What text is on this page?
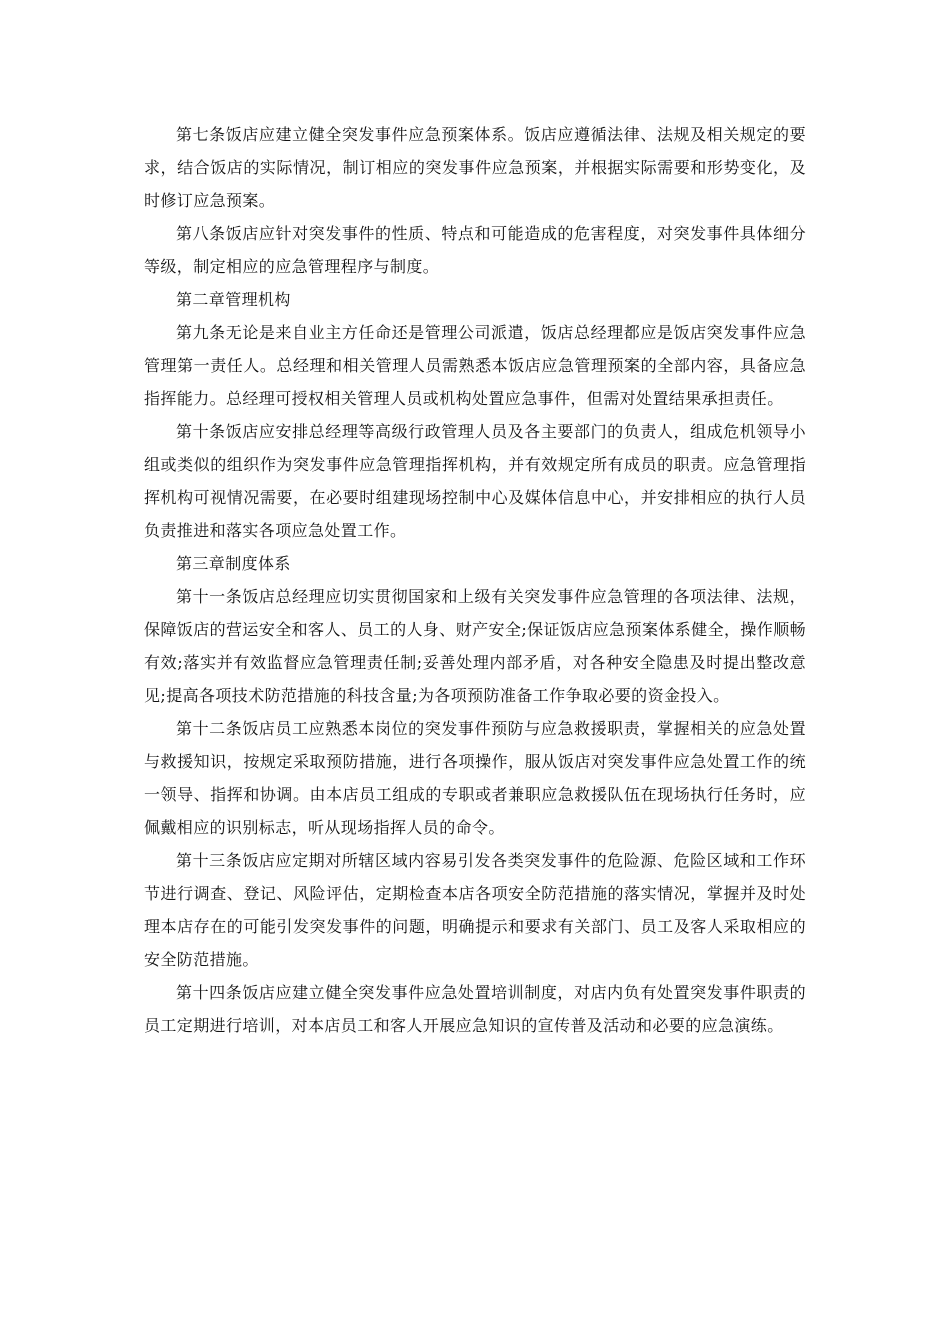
第七条饭店应建立健全突发事件应急预案体系。饭店应遵循法律、法规及相关规定的要求，结合饭店的实际情况，制订相应的突发事件应急预案，并根据实际需要和形势变化，及时修订应急预案。

第八条饭店应针对突发事件的性质、特点和可能造成的危害程度，对突发事件具体细分等级，制定相应的应急管理程序与制度。

第二章管理机构

第九条无论是来自业主方任命还是管理公司派遣，饭店总经理都应是饭店突发事件应急管理第一责任人。总经理和相关管理人员需熟悉本饭店应急管理预案的全部内容，具备应急指挥能力。总经理可授权相关管理人员或机构处置应急事件，但需对处置结果承担责任。

第十条饭店应安排总经理等高级行政管理人员及各主要部门的负责人，组成危机领导小组或类似的组织作为突发事件应急管理指挥机构，并有效规定所有成员的职责。应急管理指挥机构可视情况需要，在必要时组建现场控制中心及媒体信息中心，并安排相应的执行人员负责推进和落实各项应急处置工作。

第三章制度体系

第十一条饭店总经理应切实贯彻国家和上级有关突发事件应急管理的各项法律、法规，保障饭店的营运安全和客人、员工的人身、财产安全;保证饭店应急预案体系健全，操作顺畅有效;落实并有效监督应急管理责任制;妥善处理内部矛盾，对各种安全隐患及时提出整改意见;提高各项技术防范措施的科技含量;为各项预防准备工作争取必要的资金投入。

第十二条饭店员工应熟悉本岗位的突发事件预防与应急救援职责，掌握相关的应急处置与救援知识，按规定采取预防措施，进行各项操作，服从饭店对突发事件应急处置工作的统一领导、指挥和协调。由本店员工组成的专职或者兼职应急救援队伍在现场执行任务时，应佩戴相应的识别标志，听从现场指挥人员的命令。

第十三条饭店应定期对所辖区域内容易引发各类突发事件的危险源、危险区域和工作环节进行调查、登记、风险评估，定期检查本店各项安全防范措施的落实情况，掌握并及时处理本店存在的可能引发突发事件的问题，明确提示和要求有关部门、员工及客人采取相应的安全防范措施。

第十四条饭店应建立健全突发事件应急处置培训制度，对店内负有处置突发事件职责的员工定期进行培训，对本店员工和客人开展应急知识的宣传普及活动和必要的应急演练。
